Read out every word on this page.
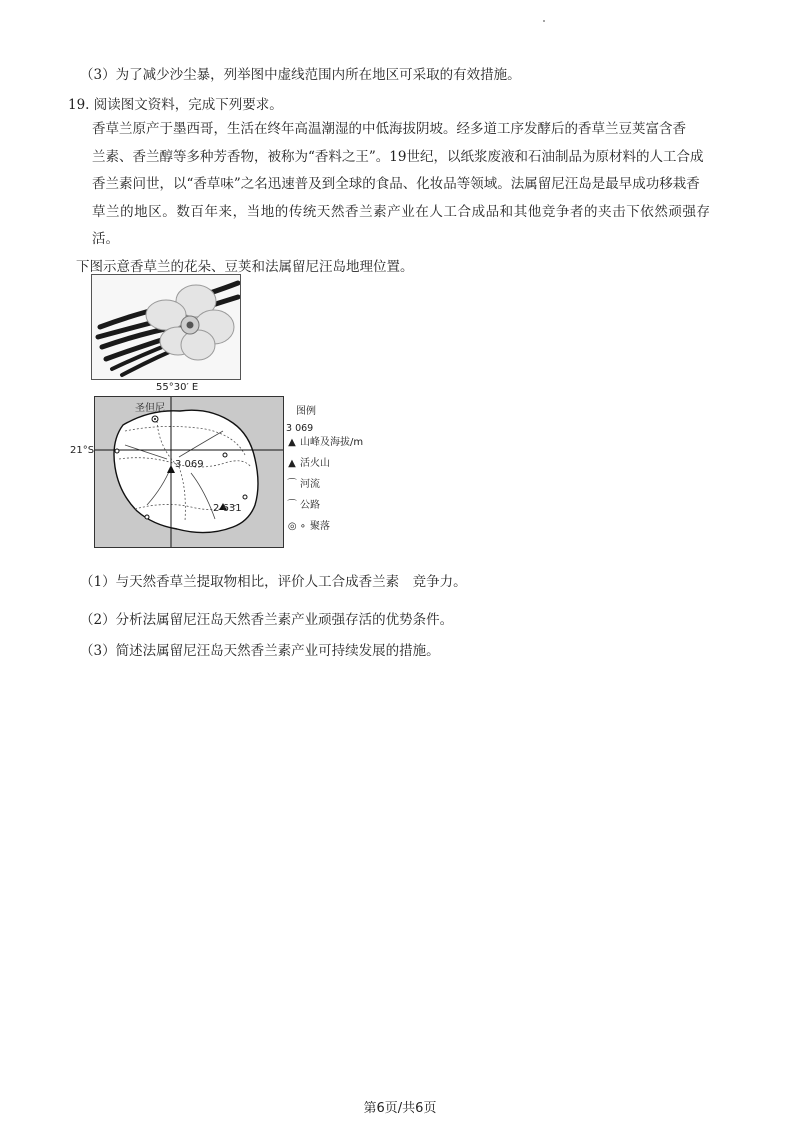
（3）为了减少沙尘暴，列举图中虚线范围内所在地区可采取的有效措施。
19. 阅读图文资料，完成下列要求。
香草兰原产于墨西哥，生活在终年高温潮湿的中低海拔阴坡。经多道工序发酵后的香草兰豆荚富含香
兰素、香兰醇等多种芳香物，被称为“香料之王”。19世纪，以纸浆废液和石油制品为原材料的人工合成
香兰素问世，以“香草味”之名迅速普及到全球的食品、化妆品等领域。法属留尼汪岛是最早成功移栽香
草兰的地区。数百年来，当地的传统天然香兰素产业在人工合成品和其他竞争者的夹击下依然顽强存活。
下图示意香草兰的花朵、豆荚和法属留尼汪岛地理位置。
55°30′ E
21°S
圣但尼
3 069
2 631
图例
3 069
▲ 山峰及海拔/m
▲ 活火山
⌒ 河流
⌒ 公路
◎ ∘ 聚落
（1）与天然香草兰提取物相比，评价人工合成香兰素　竞争力。
（2）分析法属留尼汪岛天然香兰素产业顽强存活的优势条件。
（3）简述法属留尼汪岛天然香兰素产业可持续发展的措施。
第6页/共6页
